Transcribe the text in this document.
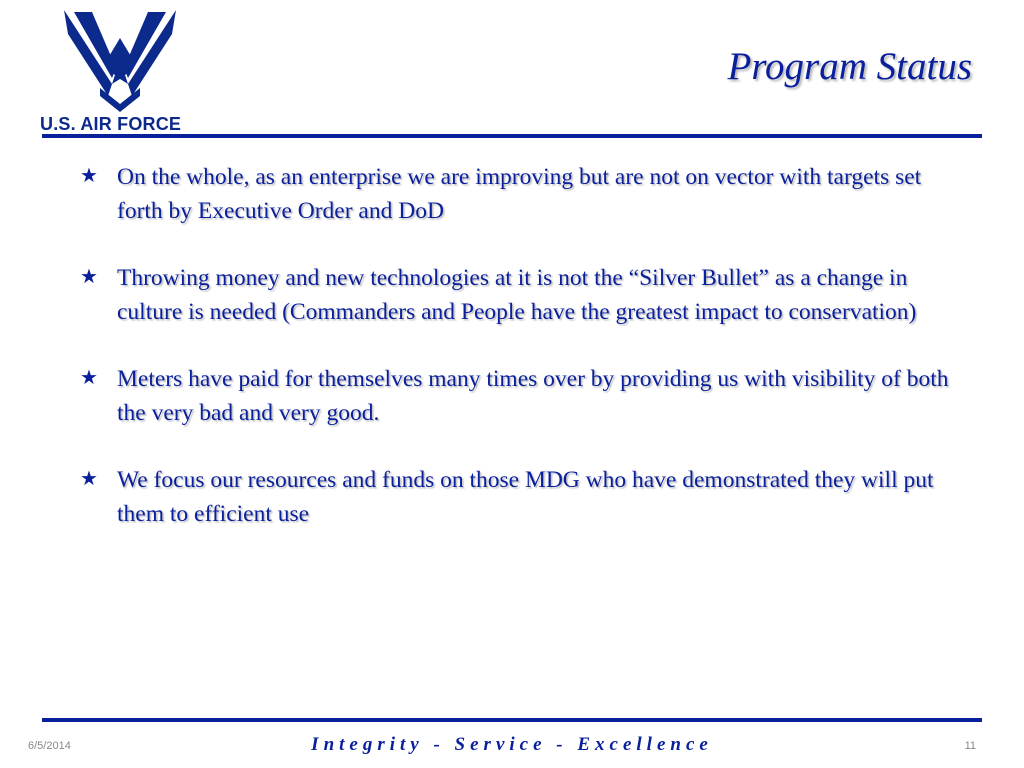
U.S. AIR FORCE
Program Status
★ On the whole, as an enterprise we are improving but are not on vector with targets set forth by Executive Order and DoD
★ Throwing money and new technologies at it is not the “Silver Bullet” as a change in culture is needed (Commanders and People have the greatest impact to conservation)
★ Meters have paid for themselves many times over by providing us with visibility of both the very bad and very good.
★ We focus our resources and funds on those MDG who have demonstrated they will put them to efficient use
6/5/2014	Integrity - Service - Excellence	11
